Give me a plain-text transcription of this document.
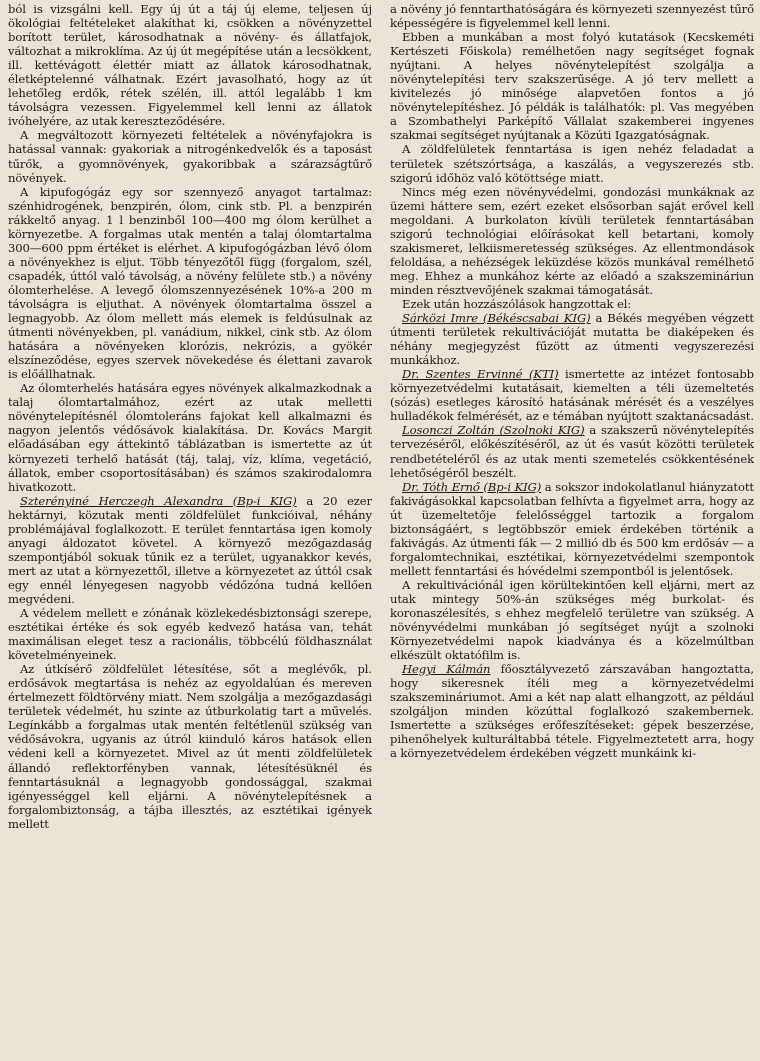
ból is vizsgálni kell. Egy új út a táj új eleme, teljesen új ökológiai feltételeket alakíthat ki, csökken a növényzettel borított terület, károsodhatnak a növény- és állatfajok, változhat a mikroklíma. Az új út megépítése után a lecsökkent, ill. kettévágott élettér miatt az állatok károsodhatnak, életképtelenné válhatnak. Ezért javasolható, hogy az út lehetőleg erdők, rétek szélén, ill. attól legalább 1 km távolságra vezessen. Figyelemmel kell lenni az állatok ivóhelyére, az utak kereszteződésére.

A megváltozott környezeti feltételek a növényfajokra is hatással vannak: gyakoriak a nitrogénkedvelők és a taposást tűrők, a gyomnövények, gyakoribbak a szárazságtűrő növények.

A kipufogógáz egy sor szennyező anyagot tartalmaz: szénhidrogének, benzpirén, ólom, cink stb. Pl. a benzpirén rákkeltő anyag. 1 l benzinből 100—400 mg ólom kerülhet a környezetbe. A forgalmas utak mentén a talaj ólomtartalma 300—600 ppm értéket is elérhet. A kipufogógázban lévő ólom a növényekhez is eljut. Több tényezőtől függ (forgalom, szél, csapadék, úttól való távolság, a növény felülete stb.) a növény ólomterhelése. A levegő ólomszennyezésének 10%-a 200 m távolságra is eljuthat. A növények ólomtartalma összel a legnagyobb. Az ólom mellett más elemek is feldúsulnak az útmenti növényekben, pl. vanádium, nikkel, cink stb. Az ólom hatására a növényeken klorózis, nekrózis, a gyökér elszíneződése, egyes szervek növekedése és élettani zavarok is előállhatnak.

Az ólomterhelés hatására egyes növények alkalmazkodnak a talaj ólomtartalmához, ezért az utak melletti növénytelepítésnél ólomtoleráns fajokat kell alkalmazni és nagyon jelentős védősávok kialakítása. Dr. Kovács Margit előadásában egy áttekintő táblázatban is ismertette az út környezeti terhelő hatását (táj, talaj, víz, klíma, vegetáció, állatok, ember csoportosításában) és számos szakirodalomra hivatkozott.

Szterényiné Herczegh Alexandra (Bp-i KIG) a 20 ezer hektárnyi, közutak menti zöldfelület funkcióival, néhány problémájával foglalkozott. E terület fenntartása igen komoly anyagi áldozatot követel. A környező mezőgazdaság szempontjából sokuak tűnik ez a terület, ugyanakkor kevés, mert az utat a környezettől, illetve a környezetet az úttól csak egy ennél lényegesen nagyobb védőzóna tudná kellően megvédeni.

A védelem mellett e zónának közlekedésbiztonsági szerepe, esztétikai értéke és sok egyéb kedvező hatása van, tehát maximálisan eleget tesz a racionális, többcélú földhasználat követelményeinek.

Az útkísérő zöldfelület létesítése, sőt a meglévők, pl. erdősávok megtartása is nehéz az egyoldalúan és mereven értelmezett földtörvény miatt. Nem szolgálja a mezőgazdasági területek védelmét, hu szinte az útburkolatig tart a művelés. Legínkább a forgalmas utak mentén feltétlenül szükség van védősávokra, ugyanis az útról kiinduló káros hatások ellen védeni kell a környezetet. Mivel az út menti zöldfelületek állandó reflektorfényben vannak, létesítésüknél és fenntartásuknál a legnagyobb gondossággal, szakmai igényességgel kell eljárni. A növénytelepítésnek a forgalombiztonság, a tájba illesztés, az esztétikai igények mellett

a növény jó fenntarthatóságára és környezeti szennyezést tűrő képességére is figyelemmel kell lenni.

Ebben a munkában a most folyó kutatások (Kecskeméti Kertészeti Főiskola) remélhetően nagy segítséget fognak nyújtani. A helyes növénytelepítést szolgálja a növénytelepítési terv szakszerűsége. A jó terv mellett a kivitelezés jó minősége alapvetően fontos a jó növénytelepítéshez. Jó példák is találhatók: pl. Vas megyében a Szombathelyi Parképítő Vállalat szakemberei ingyenes szakmai segítséget nyújtanak a Közúti Igazgatóságnak.

A zöldfelületek fenntartása is igen nehéz feladadat a területek szétszórtsága, a kaszálás, a vegyszerezés stb. szigorú időhöz való kötöttsége miatt.

Nincs még ezen növényvédelmi, gondozási munkáknak az üzemi háttere sem, ezért ezeket elsősorban saját erővel kell megoldani. A burkolaton kívüli területek fenntartásában szigorú technológiai előírásokat kell betartani, komoly szakismeret, lelkiismeretesség szükséges. Az ellentmondások feloldása, a nehézségek leküzdése közös munkával remélhető meg. Ehhez a munkához kérte az előadó a szakszemináriun minden résztvevőjének szakmai támogatását.

Ezek után hozzászólások hangzottak el:

Sárközi Imre (Békéscsabai KIG) a Békés megyében végzett útmenti területek rekultivációját mutatta be diaképeken és néhány megjegyzést fűzött az útmenti vegyszerezési munkákhoz.

Dr. Szentes Ervinné (KTI) ismertette az intézet fontosabb környezetvédelmi kutatásait, kiemelten a téli üzemeltetés (sózás) esetleges károsító hatásának mérését és a veszélyes hulladékok felmérését, az e témában nyújtott szaktanácsadást.

Losonczi Zoltán (Szolnoki KIG) a szakszerű növénytelepítés tervezéséről, előkészítéséről, az út és vasút közötti területek rendbetételéről és az utak menti szemetelés csökkentésének lehetőségéről beszélt.

Dr. Tóth Ernő (Bp-i KIG) a sokszor indokolatlanul hiányzatott fakivágásokkal kapcsolatban felhívta a figyelmet arra, hogy az út üzemeltetője felelősséggel tartozik a forgalom biztonságáért, s legtöbbször emiek érdekében történik a fakivágás. Az útmenti fák — 2 millió db és 500 km erdősáv — a forgalomtechnikai, esztétikai, környezetvédelmi szempontok mellett fenntartási és hóvédelmi szempontból is jelentősek.

A rekultivációnál igen körültekintően kell eljárni, mert az utak mintegy 50%-án szükséges még burkolat- és koronaszélesítés, s ehhez megfelelő területre van szükség. A növényvédelmi munkában jó segítséget nyújt a szolnoki Környezetvédelmi napok kiadványa és a közelmúltban elkészült oktatófilm is.

Hegyi Kálmán főosztályvezető zárszavában hangoztatta, hogy sikeresnek ítéli meg a környezetvédelmi szakszemináriumot. Ami a két nap alatt elhangzott, az például szolgáljon minden közúttal foglalkozó szakembernek. Ismertette a szükséges erőfeszítéseket: gépek beszerzése, pihenőhelyek kulturáltabbá tétele. Figyelmeztetett arra, hogy a környezetvédelem érdekében végzett munkáink ki-
